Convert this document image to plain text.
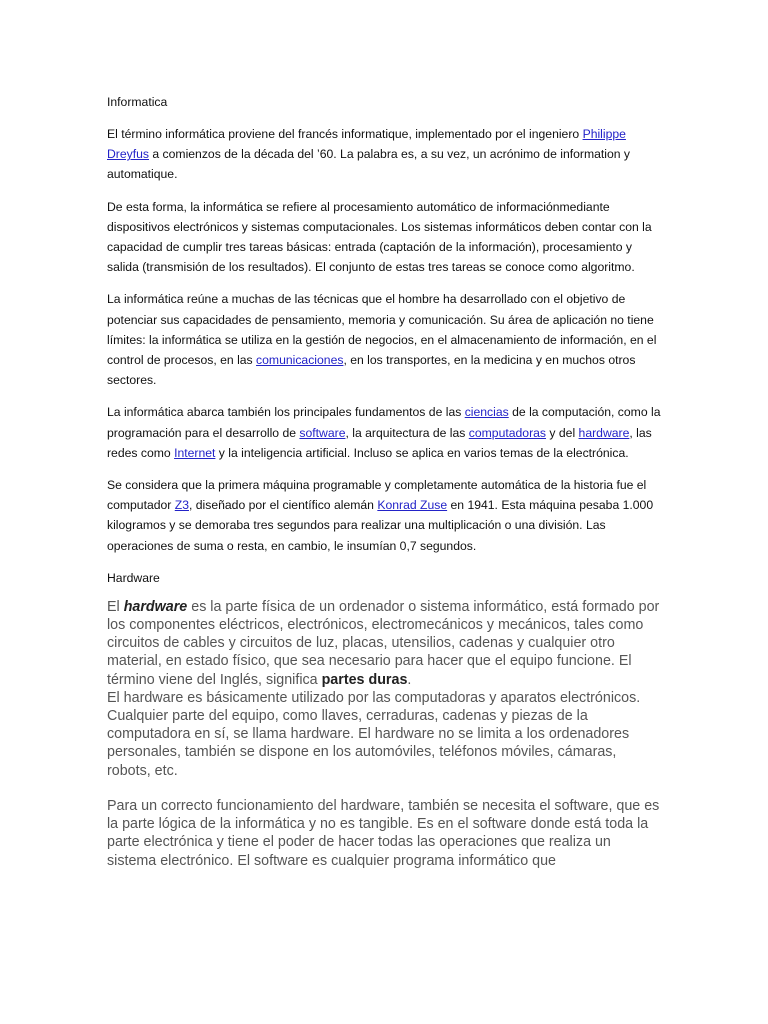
Informatica

El término informática proviene del francés informatique, implementado por el ingeniero Philippe Dreyfus a comienzos de la década del ’60. La palabra es, a su vez, un acrónimo de information y automatique.

De esta forma, la informática se refiere al procesamiento automático de informaciónmediante dispositivos electrónicos y sistemas computacionales. Los sistemas informáticos deben contar con la capacidad de cumplir tres tareas básicas: entrada (captación de la información), procesamiento y salida (transmisión de los resultados). El conjunto de estas tres tareas se conoce como algoritmo.

La informática reúne a muchas de las técnicas que el hombre ha desarrollado con el objetivo de potenciar sus capacidades de pensamiento, memoria y comunicación. Su área de aplicación no tiene límites: la informática se utiliza en la gestión de negocios, en el almacenamiento de información, en el control de procesos, en las comunicaciones, en los transportes, en la medicina y en muchos otros sectores.

La informática abarca también los principales fundamentos de las ciencias de la computación, como la programación para el desarrollo de software, la arquitectura de las computadoras y del hardware, las redes como Internet y la inteligencia artificial. Incluso se aplica en varios temas de la electrónica.

Se considera que la primera máquina programable y completamente automática de la historia fue el computador Z3, diseñado por el científico alemán Konrad Zuse en 1941. Esta máquina pesaba 1.000 kilogramos y se demoraba tres segundos para realizar una multiplicación o una división. Las operaciones de suma o resta, en cambio, le insumían 0,7 segundos.

Hardware

El hardware es la parte física de un ordenador o sistema informático, está formado por los componentes eléctricos, electrónicos, electromecánicos y mecánicos, tales como circuitos de cables y circuitos de luz, placas, utensilios, cadenas y cualquier otro material, en estado físico, que sea necesario para hacer que el equipo funcione. El término viene del Inglés, significa partes duras.
El hardware es básicamente utilizado por las computadoras y aparatos electrónicos. Cualquier parte del equipo, como llaves, cerraduras, cadenas y piezas de la computadora en sí, se llama hardware. El hardware no se limita a los ordenadores personales, también se dispone en los automóviles, teléfonos móviles, cámaras, robots, etc.

Para un correcto funcionamiento del hardware, también se necesita el software, que es la parte lógica de la informática y no es tangible. Es en el software donde está toda la parte electrónica y tiene el poder de hacer todas las operaciones que realiza un sistema electrónico. El software es cualquier programa informático que
